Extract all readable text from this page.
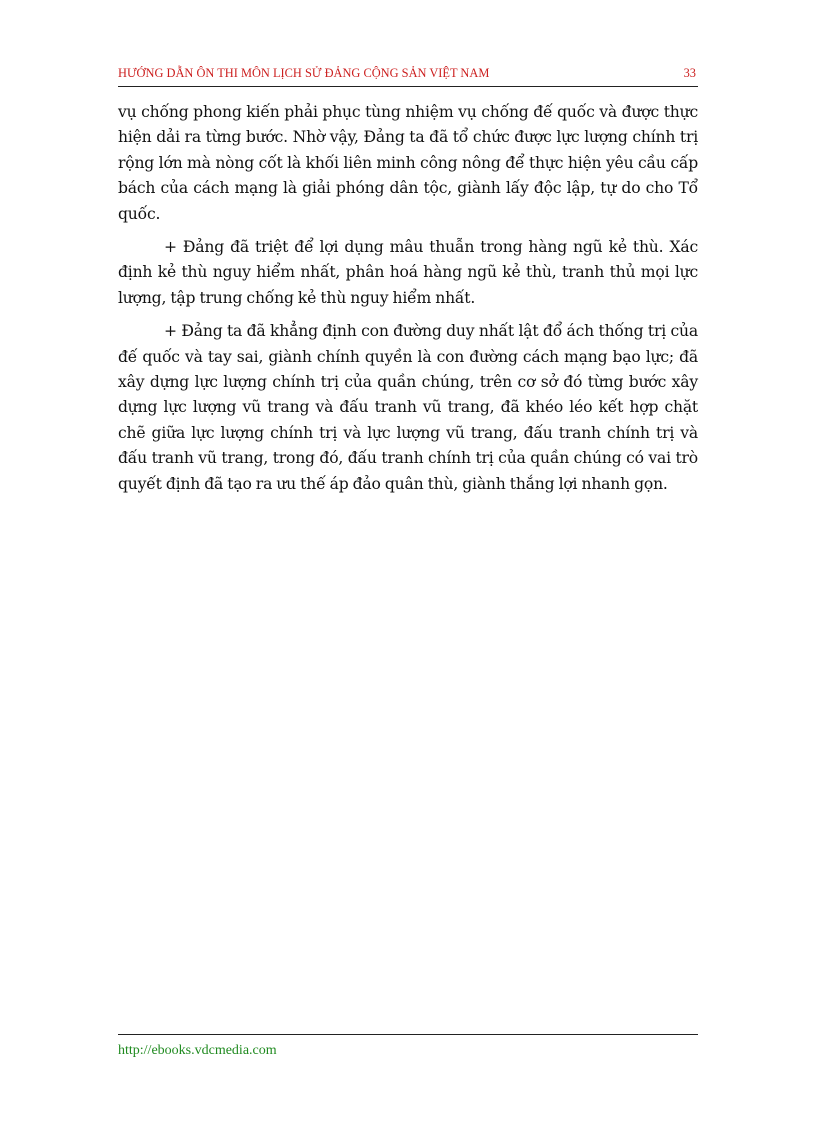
HƯỚNG DẪN ÔN THI MÔN LỊCH SỬ ĐẢNG CỘNG SẢN VIỆT NAM	33

vụ chống phong kiến phải phục tùng nhiệm vụ chống đế quốc và được thực hiện dải ra từng bước. Nhờ vậy, Đảng ta đã tổ chức được lực lượng chính trị rộng lớn mà nòng cốt là khối liên minh công nông để thực hiện yêu cầu cấp bách của cách mạng là giải phóng dân tộc, giành lấy độc lập, tự do cho Tổ quốc.

+ Đảng đã triệt để lợi dụng mâu thuẫn trong hàng ngũ kẻ thù. Xác định kẻ thù nguy hiểm nhất, phân hoá hàng ngũ kẻ thù, tranh thủ mọi lực lượng, tập trung chống kẻ thù nguy hiểm nhất.

+ Đảng ta đã khẳng định con đường duy nhất lật đổ ách thống trị của đế quốc và tay sai, giành chính quyền là con đường cách mạng bạo lực; đã xây dựng lực lượng chính trị của quần chúng, trên cơ sở đó từng bước xây dựng lực lượng vũ trang và đấu tranh vũ trang, đã khéo léo kết hợp chặt chẽ giữa lực lượng chính trị và lực lượng vũ trang, đấu tranh chính trị và đấu tranh vũ trang, trong đó, đấu tranh chính trị của quần chúng có vai trò quyết định đã tạo ra ưu thế áp đảo quân thù, giành thắng lợi nhanh gọn.

http://ebooks.vdcmedia.com
